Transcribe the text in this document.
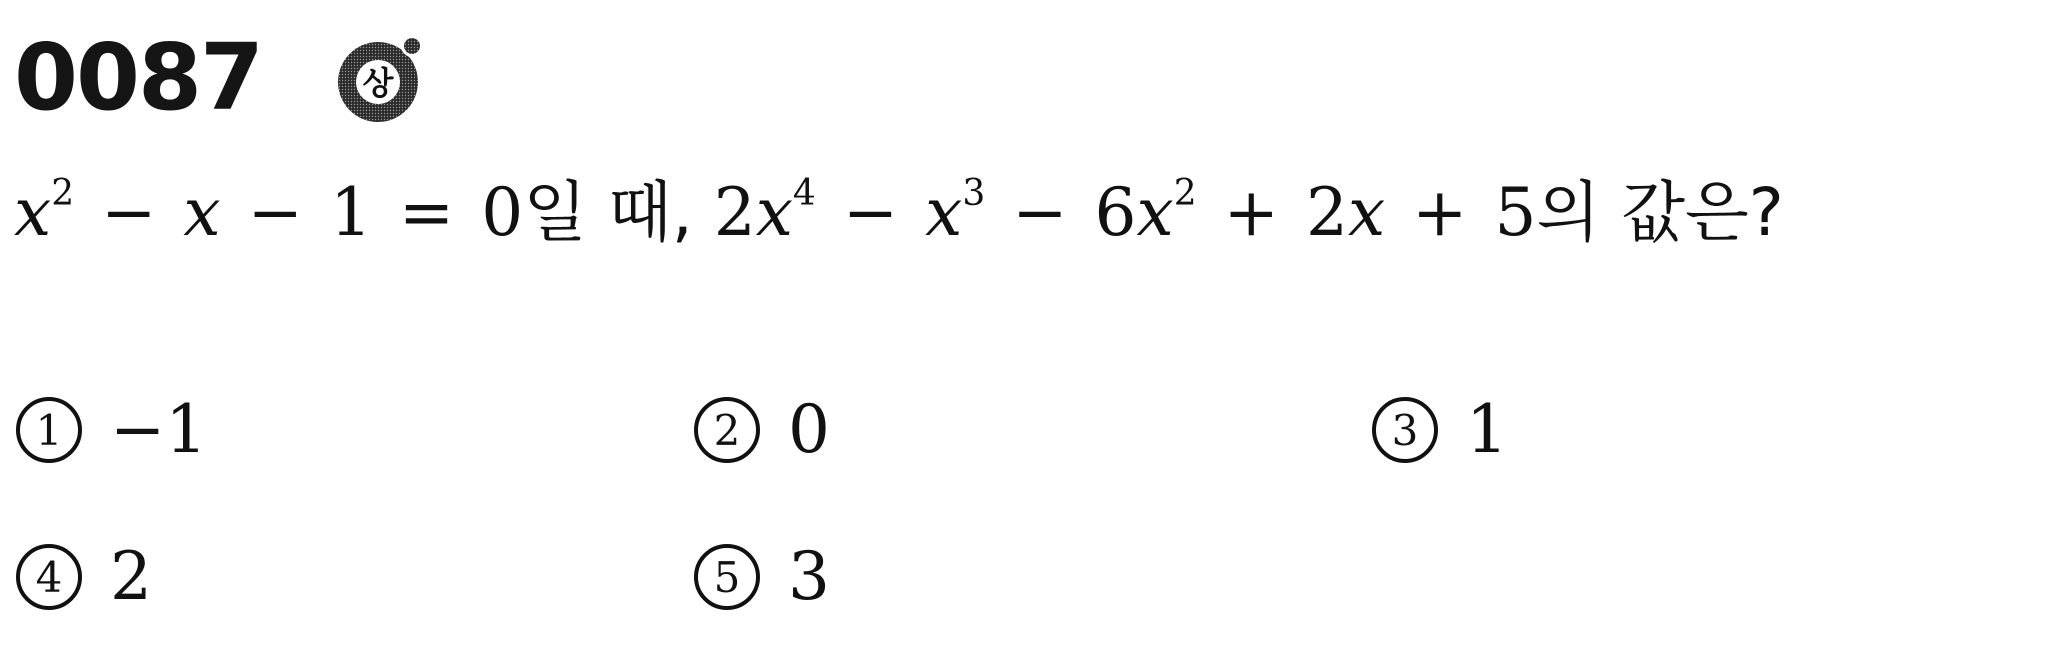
0087	상
$x^2 - x - 1 = 0$일 때, $2x^4 - x^3 - 6x^2 + 2x + 5$의 값은?
1 −1	2 0	3 1
4 2	5 3
